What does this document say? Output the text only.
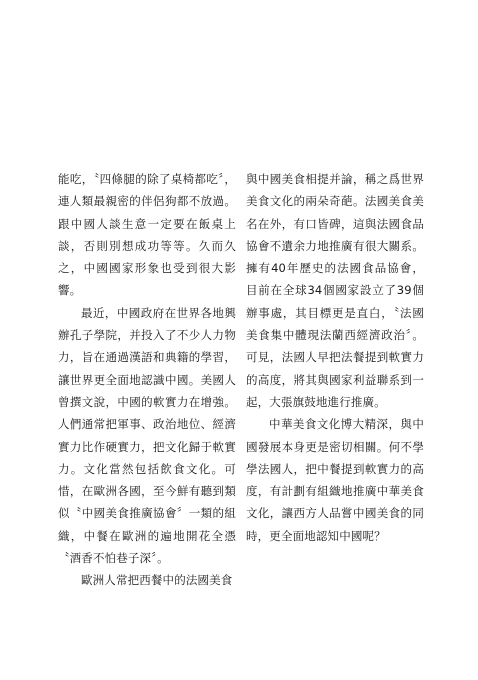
能吃，〝四條腿的除了桌椅都吃〞，連人類最親密的伴侶狗都不放過。跟中國人談生意一定要在飯桌上談，否則別想成功等等。久而久之，中國國家形象也受到很大影響。

最近，中國政府在世界各地興辦孔子學院，并投入了不少人力物力，旨在通過漢語和典籍的學習，讓世界更全面地認識中國。美國人曾撰文說，中國的軟實力在增強。人們通常把軍事、政治地位、經濟實力比作硬實力，把文化歸于軟實力。文化當然包括飲食文化。可惜，在歐洲各國，至今鮮有聽到類似〝中國美食推廣協會〞一類的組織，中餐在歐洲的遍地開花全憑〝酒香不怕巷子深〞。

歐洲人常把西餐中的法國美食

與中國美食相提并論，稱之爲世界美食文化的兩朵奇葩。法國美食美名在外，有口皆碑，這與法國食品協會不遺余力地推廣有很大關系。擁有40年歷史的法國食品協會，目前在全球34個國家設立了39個辦事處，其目標更是直白，〝法國美食集中體現法蘭西經濟政治〞。可見，法國人早把法餐提到軟實力的高度，將其與國家利益聯系到一起，大張旗鼓地進行推廣。

中華美食文化博大精深，與中國發展本身更是密切相關。何不學學法國人，把中餐提到軟實力的高度，有計劃有組織地推廣中華美食文化，讓西方人品嘗中國美食的同時，更全面地認知中國呢？
